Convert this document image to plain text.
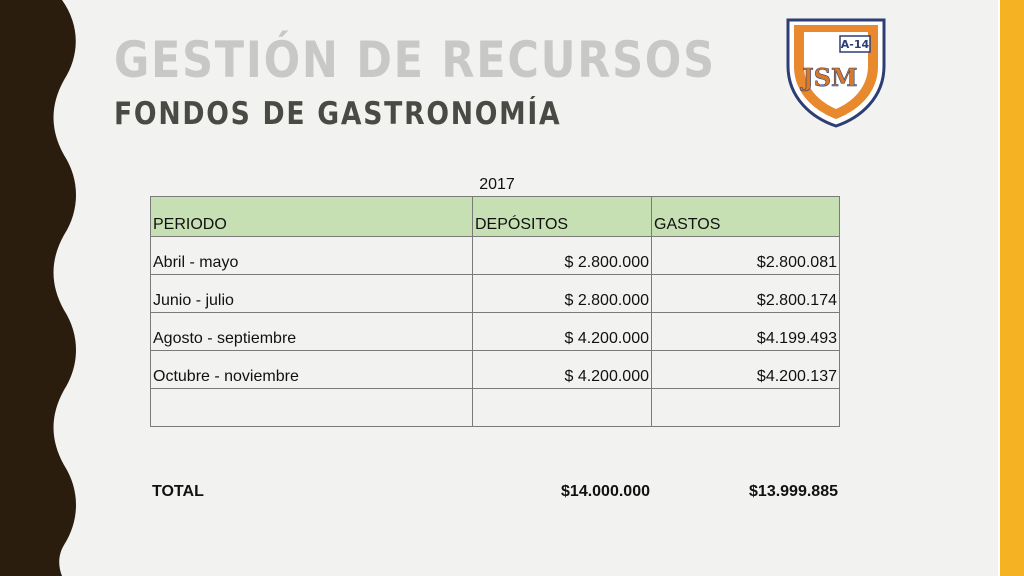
GESTIÓN DE RECURSOS
FONDOS DE GASTRONOMÍA
A-14
JSM
2017
PERIODO	DEPÓSITOS	GASTOS
Abril - mayo	$ 2.800.000	$2.800.081
Junio - julio	$ 2.800.000	$2.800.174
Agosto - septiembre	$ 4.200.000	$4.199.493
Octubre - noviembre	$ 4.200.000	$4.200.137

TOTAL	$14.000.000	$13.999.885
